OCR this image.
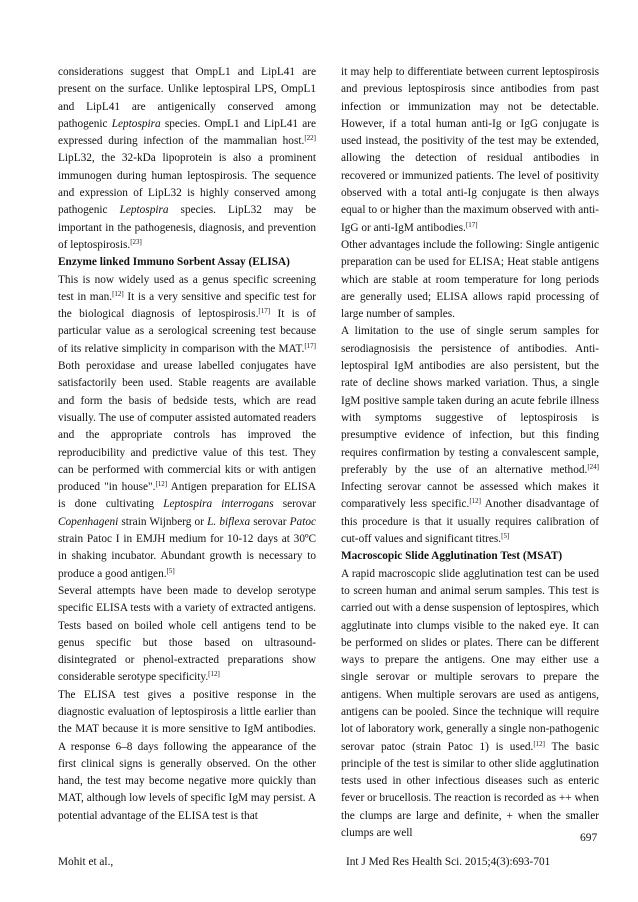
considerations suggest that OmpL1 and LipL41 are present on the surface. Unlike leptospiral LPS, OmpL1 and LipL41 are antigenically conserved among pathogenic Leptospira species. OmpL1 and LipL41 are expressed during infection of the mammalian host.[22] LipL32, the 32-kDa lipoprotein is also a prominent immunogen during human leptospirosis. The sequence and expression of LipL32 is highly conserved among pathogenic Leptospira species. LipL32 may be important in the pathogenesis, diagnosis, and prevention of leptospirosis.[23]

Enzyme linked Immuno Sorbent Assay (ELISA)

This is now widely used as a genus specific screening test in man.[12] It is a very sensitive and specific test for the biological diagnosis of leptospirosis.[17] It is of particular value as a serological screening test because of its relative simplicity in comparison with the MAT.[17] Both peroxidase and urease labelled conjugates have satisfactorily been used. Stable reagents are available and form the basis of bedside tests, which are read visually. The use of computer assisted automated readers and the appropriate controls has improved the reproducibility and predictive value of this test. They can be performed with commercial kits or with antigen produced "in house".[12] Antigen preparation for ELISA is done cultivating Leptospira interrogans serovar Copenhageni strain Wijnberg or L. biflexa serovar Patoc strain Patoc I in EMJH medium for 10-12 days at 30ºC in shaking incubator. Abundant growth is necessary to produce a good antigen.[5]

Several attempts have been made to develop serotype specific ELISA tests with a variety of extracted antigens. Tests based on boiled whole cell antigens tend to be genus specific but those based on ultrasound-disintegrated or phenol-extracted preparations show considerable serotype specificity.[12]

The ELISA test gives a positive response in the diagnostic evaluation of leptospirosis a little earlier than the MAT because it is more sensitive to IgM antibodies. A response 6–8 days following the appearance of the first clinical signs is generally observed. On the other hand, the test may become negative more quickly than MAT, although low levels of specific IgM may persist. A potential advantage of the ELISA test is that

it may help to differentiate between current leptospirosis and previous leptospirosis since antibodies from past infection or immunization may not be detectable. However, if a total human anti-Ig or IgG conjugate is used instead, the positivity of the test may be extended, allowing the detection of residual antibodies in recovered or immunized patients. The level of positivity observed with a total anti-Ig conjugate is then always equal to or higher than the maximum observed with anti-IgG or anti-IgM antibodies.[17]

Other advantages include the following: Single antigenic preparation can be used for ELISA; Heat stable antigens which are stable at room temperature for long periods are generally used; ELISA allows rapid processing of large number of samples.

A limitation to the use of single serum samples for serodiagnosisis the persistence of antibodies. Anti-leptospiral IgM antibodies are also persistent, but the rate of decline shows marked variation. Thus, a single IgM positive sample taken during an acute febrile illness with symptoms suggestive of leptospirosis is presumptive evidence of infection, but this finding requires confirmation by testing a convalescent sample, preferably by the use of an alternative method.[24] Infecting serovar cannot be assessed which makes it comparatively less specific.[12] Another disadvantage of this procedure is that it usually requires calibration of cut-off values and significant titres.[5]

Macroscopic Slide Agglutination Test (MSAT)

A rapid macroscopic slide agglutination test can be used to screen human and animal serum samples. This test is carried out with a dense suspension of leptospires, which agglutinate into clumps visible to the naked eye. It can be performed on slides or plates. There can be different ways to prepare the antigens. One may either use a single serovar or multiple serovars to prepare the antigens. When multiple serovars are used as antigens, antigens can be pooled. Since the technique will require lot of laboratory work, generally a single non-pathogenic serovar patoc (strain Patoc 1) is used.[12] The basic principle of the test is similar to other slide agglutination tests used in other infectious diseases such as enteric fever or brucellosis. The reaction is recorded as ++ when the clumps are large and definite, + when the smaller clumps are well	697
Mohit et al.,	Int J Med Res Health Sci. 2015;4(3):693-701
